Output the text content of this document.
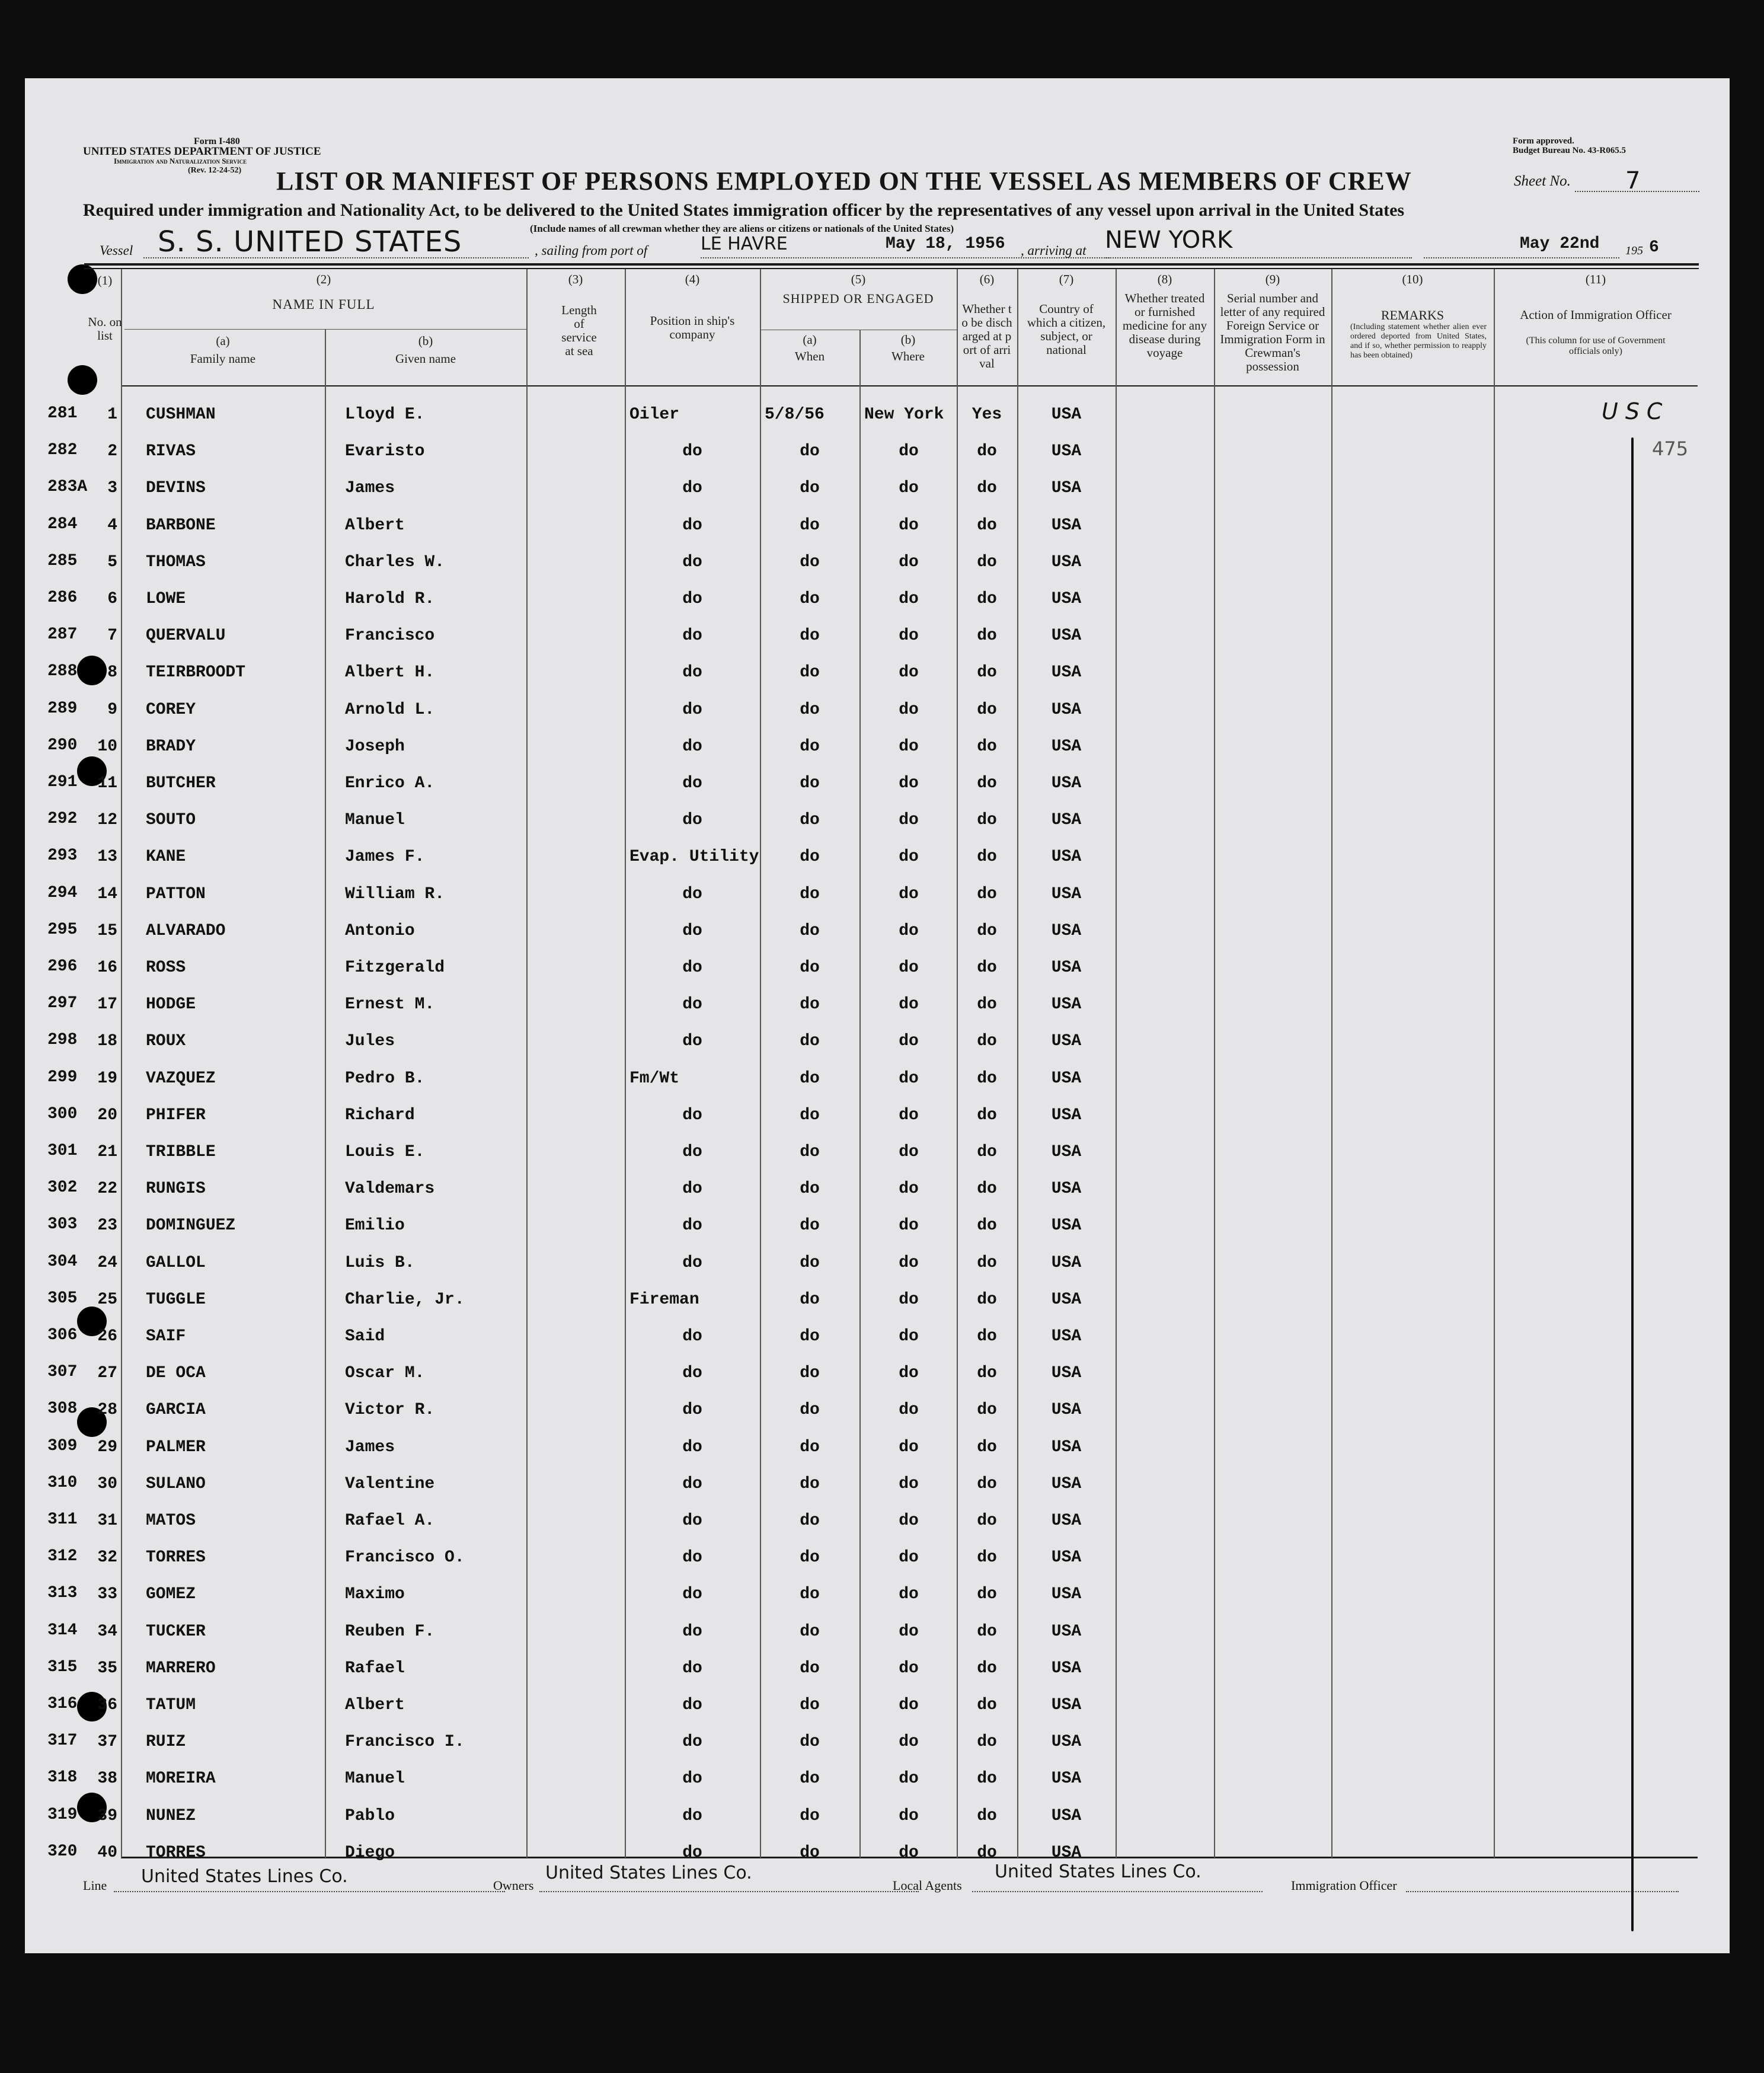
Form I-480
UNITED STATES DEPARTMENT OF JUSTICE
Immigration and Naturalization Service
(Rev. 12-24-52)
Form approved.
Budget Bureau No. 43-R065.5
Sheet No. 7
LIST OR MANIFEST OF PERSONS EMPLOYED ON THE VESSEL AS MEMBERS OF CREW
Required under immigration and Nationality Act, to be delivered to the United States immigration officer by the representatives of any vessel upon arrival in the United States
(Include names of all crewman whether they are aliens or citizens or nationals of the United States)
Vessel S. S. UNITED STATES	, sailing from port of	LE HAVRE	May 18, 1956 , arriving at NEW YORK	May 22nd 195 6
(1)
No. on list
(2)
NAME IN FULL
(a)
Family name
(b)
Given name
(3)
Length of service at sea
(4)
Position in ship's company
(5)
SHIPPED OR ENGAGED
(a)
When
(b)
Where
(6)
Whether to be discharged at port of arrival
(7)
Country of which a citizen, subject, or national
(8)
Whether treated or furnished medicine for any disease during voyage
(9)
Serial number and letter of any required Foreign Service or Immigration Form in Crewman's possession
(10)
REMARKS
(Including statement whether alien ever ordered deported from United States, and if so, whether permission to reapply has been obtained)
(11)
Action of Immigration Officer
(This column for use of Government officials only)
281	1 CUSHMAN	Lloyd E.	Oiler	5/8/56	New York	Yes	USA
282	2 RIVAS	Evaristo	do	do	do	do	USA
283A	3 DEVINS	James	do	do	do	do	USA
284	4 BARBONE	Albert	do	do	do	do	USA
285	5 THOMAS	Charles W.	do	do	do	do	USA
286	6 LOWE	Harold R.	do	do	do	do	USA
287	7 QUERVALU	Francisco	do	do	do	do	USA
288	8 TEIRBROODT	Albert H.	do	do	do	do	USA
289	9 COREY	Arnold L.	do	do	do	do	USA
290	10 BRADY	Joseph	do	do	do	do	USA
291	11 BUTCHER	Enrico A.	do	do	do	do	USA
292	12 SOUTO	Manuel	do	do	do	do	USA
293	13 KANE	James F.	Evap. Utility	do	do	do	USA
294	14 PATTON	William R.	do	do	do	do	USA
295	15 ALVARADO	Antonio	do	do	do	do	USA
296	16 ROSS	Fitzgerald	do	do	do	do	USA
297	17 HODGE	Ernest M.	do	do	do	do	USA
298	18 ROUX	Jules	do	do	do	do	USA
299	19 VAZQUEZ	Pedro B.	Fm/Wt	do	do	do	USA
300	20 PHIFER	Richard	do	do	do	do	USA
301	21 TRIBBLE	Louis E.	do	do	do	do	USA
302	22 RUNGIS	Valdemars	do	do	do	do	USA
303	23 DOMINGUEZ	Emilio	do	do	do	do	USA
304	24 GALLOL	Luis B.	do	do	do	do	USA
305	25 TUGGLE	Charlie, Jr.	Fireman	do	do	do	USA
306	26 SAIF	Said	do	do	do	do	USA
307	27 DE OCA	Oscar M.	do	do	do	do	USA
308	28 GARCIA	Victor R.	do	do	do	do	USA
309	29 PALMER	James	do	do	do	do	USA
310	30 SULANO	Valentine	do	do	do	do	USA
311	31 MATOS	Rafael A.	do	do	do	do	USA
312	32 TORRES	Francisco O.	do	do	do	do	USA
313	33 GOMEZ	Maximo	do	do	do	do	USA
314	34 TUCKER	Reuben F.	do	do	do	do	USA
315	35 MARRERO	Rafael	do	do	do	do	USA
316	36 TATUM	Albert	do	do	do	do	USA
317	37 RUIZ	Francisco I.	do	do	do	do	USA
318	38 MOREIRA	Manuel	do	do	do	do	USA
319	39 NUNEZ	Pablo	do	do	do	do	USA
320	40 TORRES	Diego	do	do	do	do	USA
USC
475
Line United States Lines Co.	Owners
United States Lines Co.
Local Agents
United States Lines Co.
Immigration Officer
